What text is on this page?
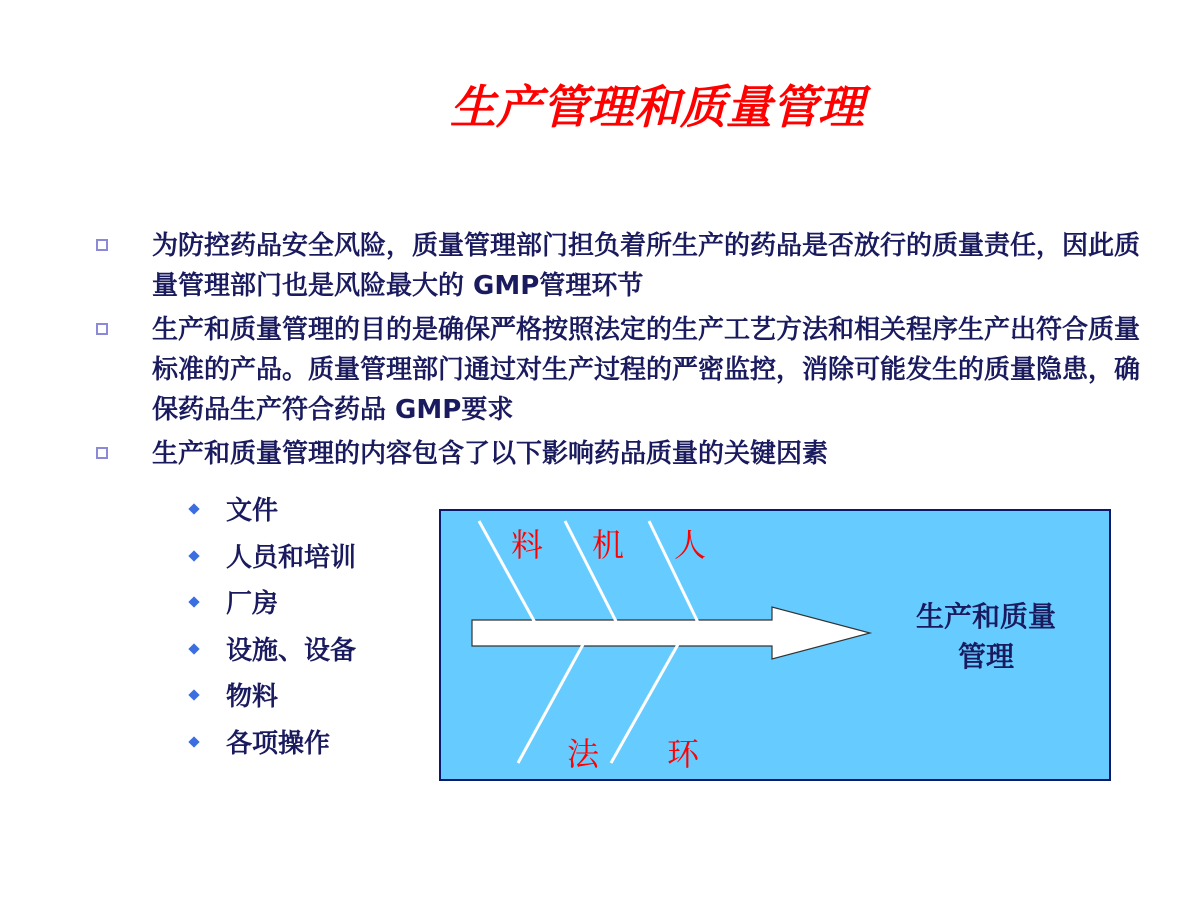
生产管理和质量管理
为防控药品安全风险，质量管理部门担负着所生产的药品是否放行的质量责任，因此质量管理部门也是风险最大的 GMP管理环节
生产和质量管理的目的是确保严格按照法定的生产工艺方法和相关程序生产出符合质量标准的产品。质量管理部门通过对生产过程的严密监控，消除可能发生的质量隐患，确保药品生产符合药品 GMP要求
生产和质量管理的内容包含了以下影响药品质量的关键因素
文件
人员和培训
厂房
设施、设备
物料
各项操作
料 机 人
法 环
生产和质量
管理
